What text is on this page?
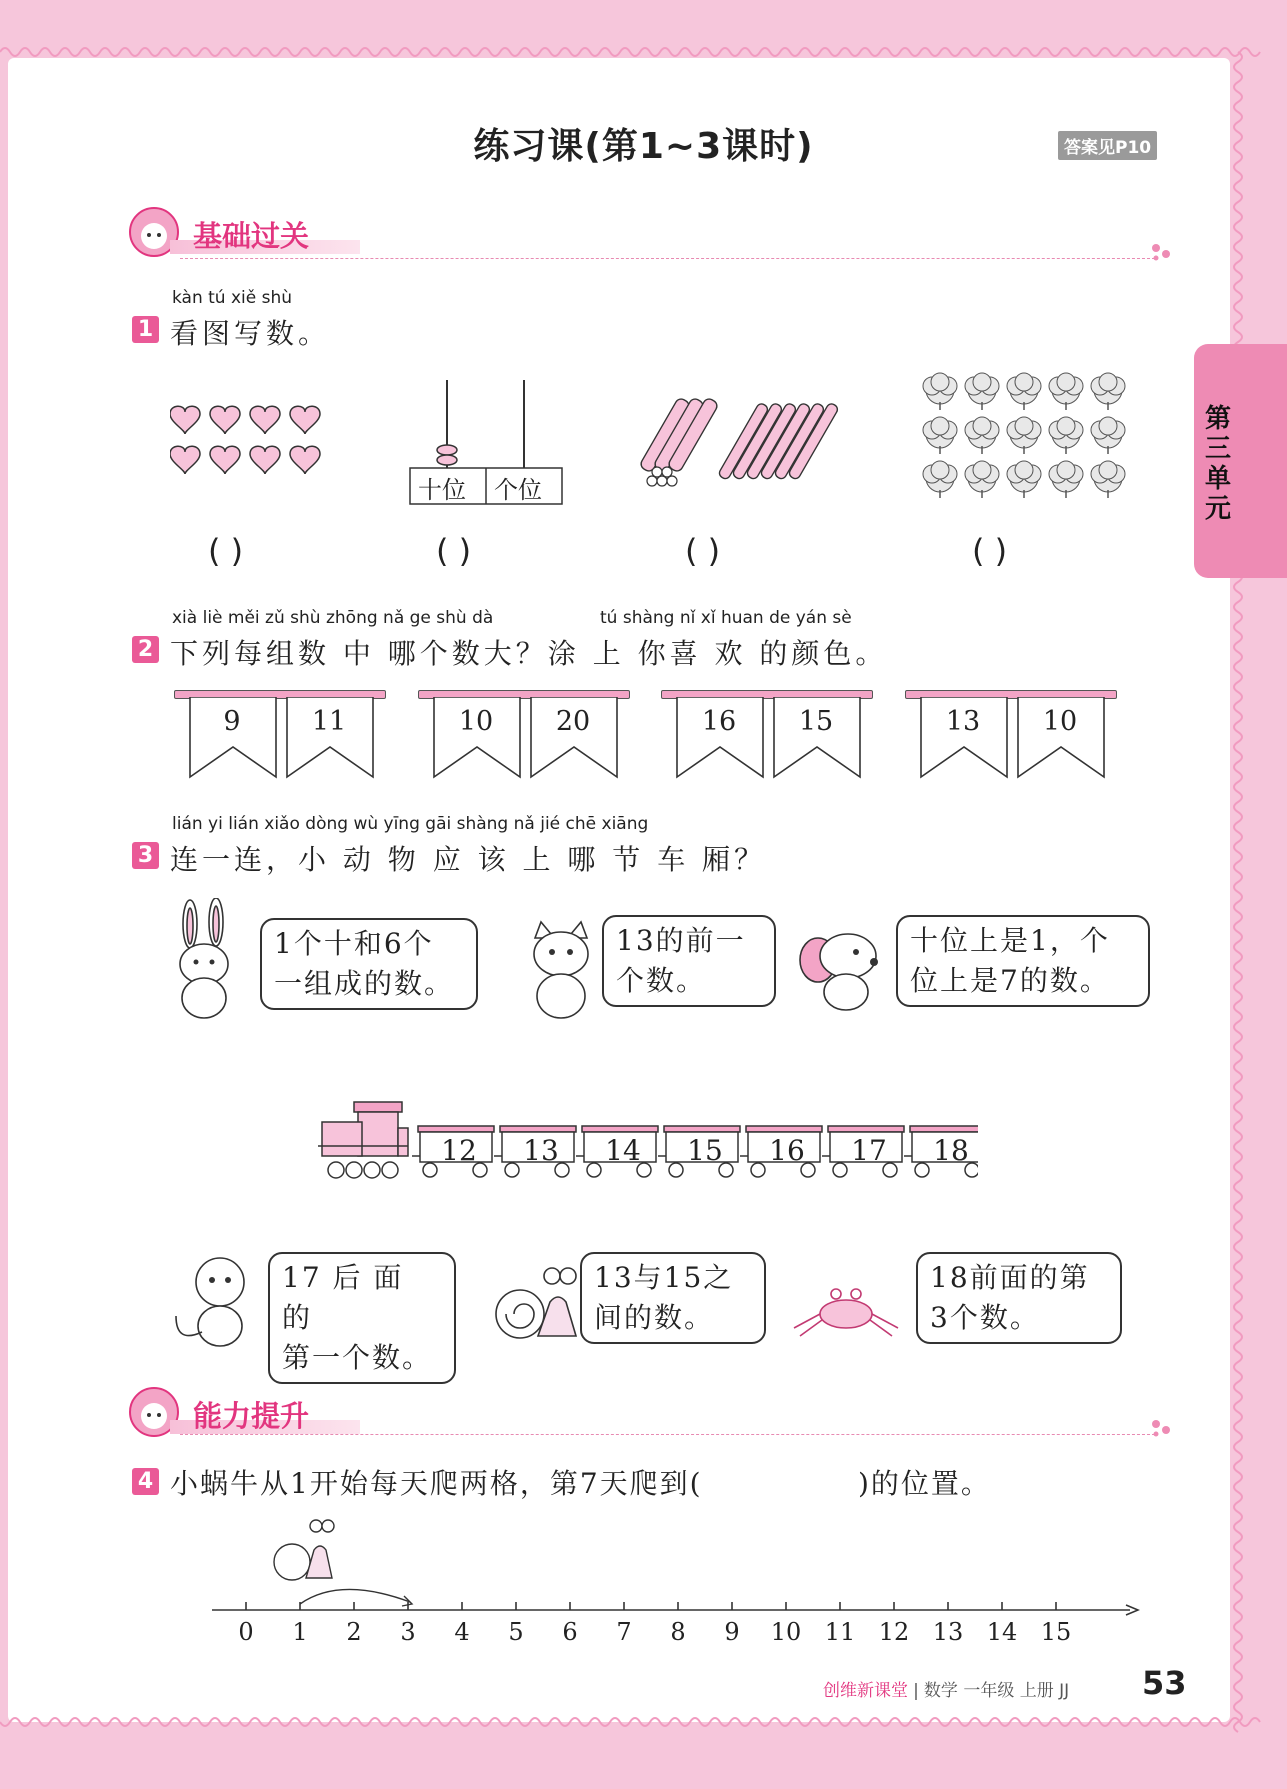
练习课(第1~3课时)	答案见P10
第三单元
基础过关
kàn tú xiě shù
1 看图写数。
十位 个位
( )	( )	( )	( )
xià liè měi zǔ shù zhōng nǎ ge shù dà	tú shàng nǐ xǐ huan de yán sè
2 下列每组数 中 哪个数大？涂 上 你喜 欢 的颜色。
9	11	10	20	16	15	13	10
lián yi lián xiǎo dòng wù yīng gāi shàng nǎ jié chē xiāng
3 连一连，小 动 物 应 该 上 哪 节 车 厢？
1个十和6个
一组成的数。
13的前一
个数。
十位上是1，个
位上是7的数。
12	13	14	15	16	17	18
17 后 面 的
第一个数。
13与15之
间的数。
18前面的第
3个数。
能力提升
4 小蜗牛从1开始每天爬两格，第7天爬到(	)的位置。
0	1	2	3	4	5	6	7	8	9	10 11 12 13 14 15
创维新课堂 | 数学 一年级 上册 JJ 53
